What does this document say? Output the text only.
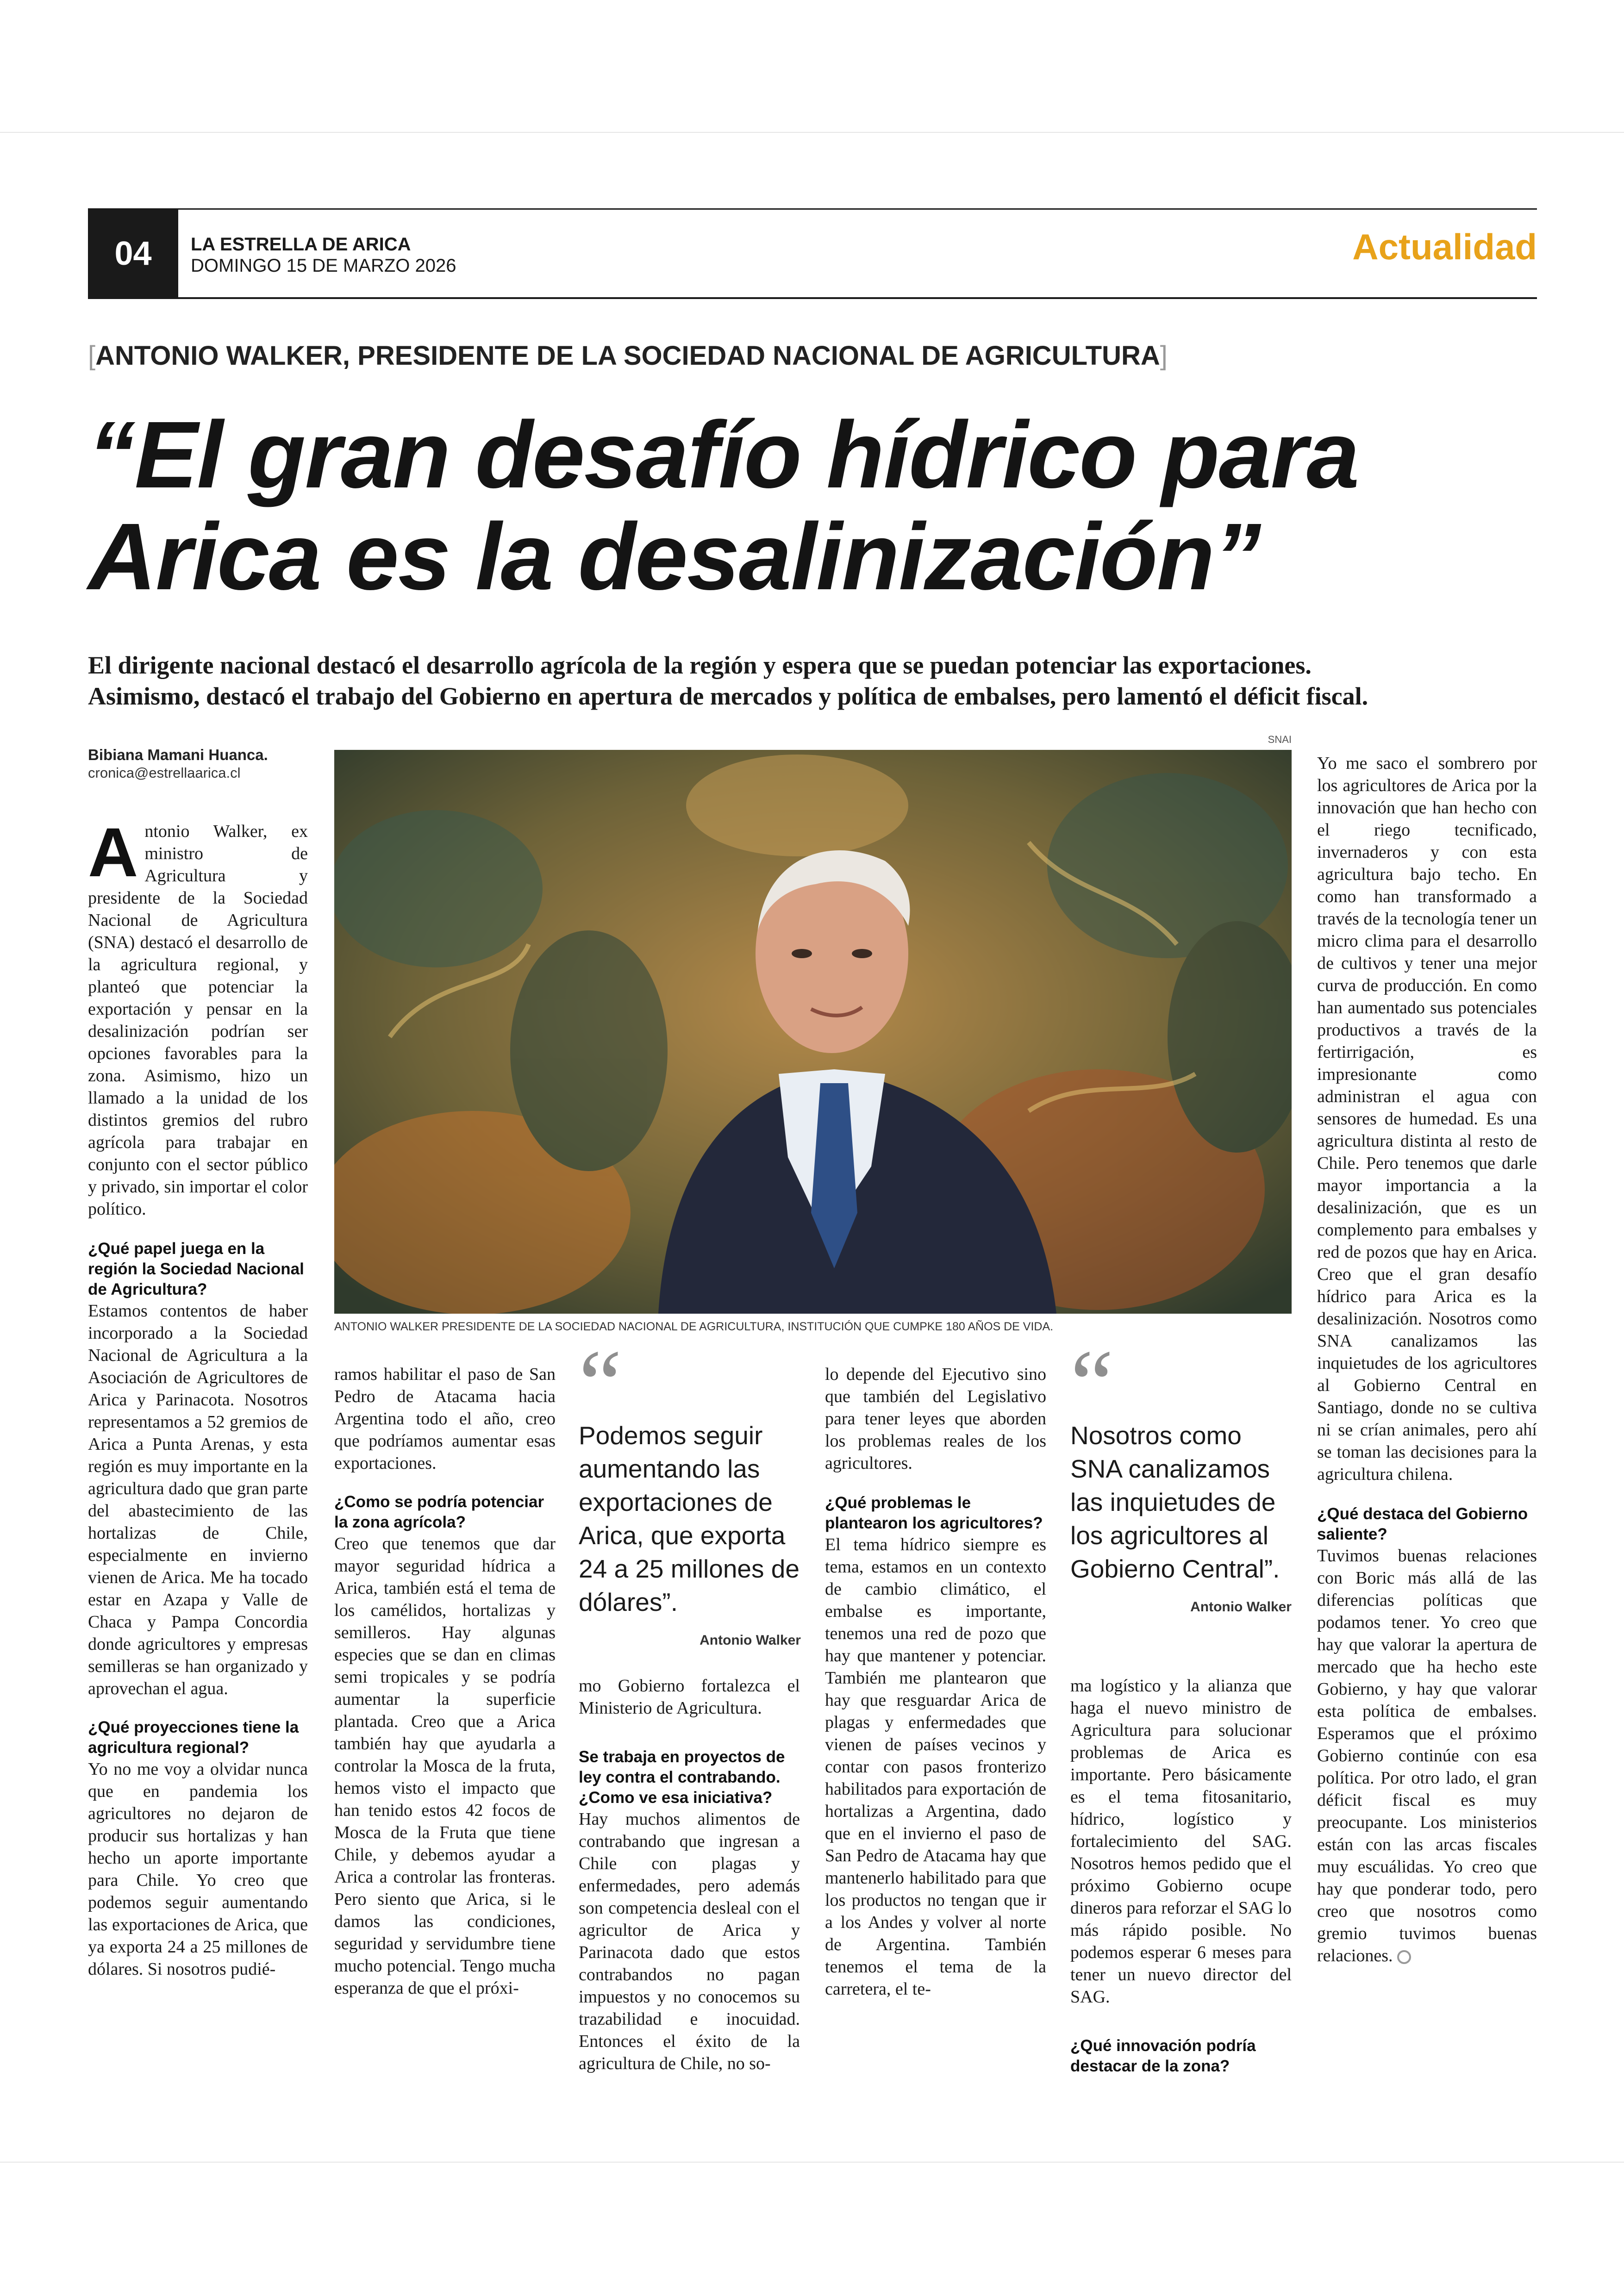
04	LA ESTRELLA DE ARICA
DOMINGO 15 DE MARZO 2026	Actualidad
[ANTONIO WALKER, PRESIDENTE DE LA SOCIEDAD NACIONAL DE AGRICULTURA]
“El gran desafío hídrico para
Arica es la desalinización”
El dirigente nacional destacó el desarrollo agrícola de la región y espera que se puedan potenciar las exportaciones.
Asimismo, destacó el trabajo del Gobierno en apertura de mercados y política de embalses, pero lamentó el déficit fiscal.
Bibiana Mamani Huanca.
cronica@estrellaarica.cl
SNAI
ANTONIO WALKER PRESIDENTE DE LA SOCIEDAD NACIONAL DE AGRICULTURA, INSTITUCIÓN QUE CUMPKE 180 AÑOS DE VIDA.
Antonio Walker, ex ministro de Agricultura y presidente de la Sociedad Nacional de Agricultura (SNA) destacó el desarrollo de la agricultura regional, y planteó que potenciar la exportación y pensar en la desalinización podrían ser opciones favorables para la zona. Asimismo, hizo un llamado a la unidad de los distintos gremios del rubro agrícola para trabajar en conjunto con el sector público y privado, sin importar el color político.
¿Qué papel juega en la región la Sociedad Nacional de Agricultura?
Estamos contentos de haber incorporado a la Sociedad Nacional de Agricultura a la Asociación de Agricultores de Arica y Parinacota. Nosotros representamos a 52 gremios de Arica a Punta Arenas, y esta región es muy importante en la agricultura dado que gran parte del abastecimiento de las hortalizas de Chile, especialmente en invierno vienen de Arica. Me ha tocado estar en Azapa y Valle de Chaca y Pampa Concordia donde agricultores y empresas semilleras se han organizado y aprovechan el agua.
¿Qué proyecciones tiene la agricultura regional?
Yo no me voy a olvidar nunca que en pandemia los agricultores no dejaron de producir sus hortalizas y han hecho un aporte importante para Chile. Yo creo que podemos seguir aumentando las exportaciones de Arica, que ya exporta 24 a 25 millones de dólares. Si nosotros pudié-
ramos habilitar el paso de San Pedro de Atacama hacia Argentina todo el año, creo que podríamos aumentar esas exportaciones.
¿Como se podría potenciar la zona agrícola?
Creo que tenemos que dar mayor seguridad hídrica a Arica, también está el tema de los camélidos, hortalizas y semilleros. Hay algunas especies que se dan en climas semi tropicales y se podría aumentar la superficie plantada. Creo que a Arica también hay que ayudarla a controlar la Mosca de la fruta, hemos visto el impacto que han tenido estos 42 focos de Mosca de la Fruta que tiene Chile, y debemos ayudar a Arica a controlar las fronteras. Pero siento que Arica, si le damos las condiciones, seguridad y servidumbre tiene mucho potencial. Tengo mucha esperanza de que el próxi-
“
Podemos seguir aumentando las exportaciones de Arica, que exporta 24 a 25 millones de dólares”.
Antonio Walker
mo Gobierno fortalezca el Ministerio de Agricultura.
Se trabaja en proyectos de ley contra el contrabando. ¿Como ve esa iniciativa?
Hay muchos alimentos de contrabando que ingresan a Chile con plagas y enfermedades, pero además son competencia desleal con el agricultor de Arica y Parinacota dado que estos contrabandos no pagan impuestos y no conocemos su trazabilidad e inocuidad. Entonces el éxito de la agricultura de Chile, no so-
lo depende del Ejecutivo sino que también del Legislativo para tener leyes que aborden los problemas reales de los agricultores.
¿Qué problemas le plantearon los agricultores?
El tema hídrico siempre es tema, estamos en un contexto de cambio climático, el embalse es importante, tenemos una red de pozo que hay que mantener y potenciar. También me plantearon que hay que resguardar Arica de plagas y enfermedades que vienen de países vecinos y contar con pasos fronterizo habilitados para exportación de hortalizas a Argentina, dado que en el invierno el paso de San Pedro de Atacama hay que mantenerlo habilitado para que los productos no tengan que ir a los Andes y volver al norte de Argentina. También tenemos el tema de la carretera, el te-
“
Nosotros como SNA canalizamos las inquietudes de los agricultores al Gobierno Central”.
Antonio Walker
ma logístico y la alianza que haga el nuevo ministro de Agricultura para solucionar problemas de Arica es importante. Pero básicamente es el tema fitosanitario, hídrico, logístico y fortalecimiento del SAG. Nosotros hemos pedido que el próximo Gobierno ocupe dineros para reforzar el SAG lo más rápido posible. No podemos esperar 6 meses para tener un nuevo director del SAG.
¿Qué innovación podría destacar de la zona?
Yo me saco el sombrero por los agricultores de Arica por la innovación que han hecho con el riego tecnificado, invernaderos y con esta agricultura bajo techo. En como han transformado a través de la tecnología tener un micro clima para el desarrollo de cultivos y tener una mejor curva de producción. En como han aumentado sus potenciales productivos a través de la fertirrigación, es impresionante como administran el agua con sensores de humedad. Es una agricultura distinta al resto de Chile. Pero tenemos que darle mayor importancia a la desalinización, que es un complemento para embalses y red de pozos que hay en Arica. Creo que el gran desafío hídrico para Arica es la desalinización. Nosotros como SNA canalizamos las inquietudes de los agricultores al Gobierno Central en Santiago, donde no se cultiva ni se crían animales, pero ahí se toman las decisiones para la agricultura chilena.
¿Qué destaca del Gobierno saliente?
Tuvimos buenas relaciones con Boric más allá de las diferencias políticas que podamos tener. Yo creo que hay que valorar la apertura de mercado que ha hecho este Gobierno, y hay que valorar esta política de embalses. Esperamos que el próximo Gobierno continúe con esa política. Por otro lado, el gran déficit fiscal es muy preocupante. Los ministerios están con las arcas fiscales muy escuálidas. Yo creo que hay que ponderar todo, pero creo que nosotros como gremio tuvimos buenas relaciones.
